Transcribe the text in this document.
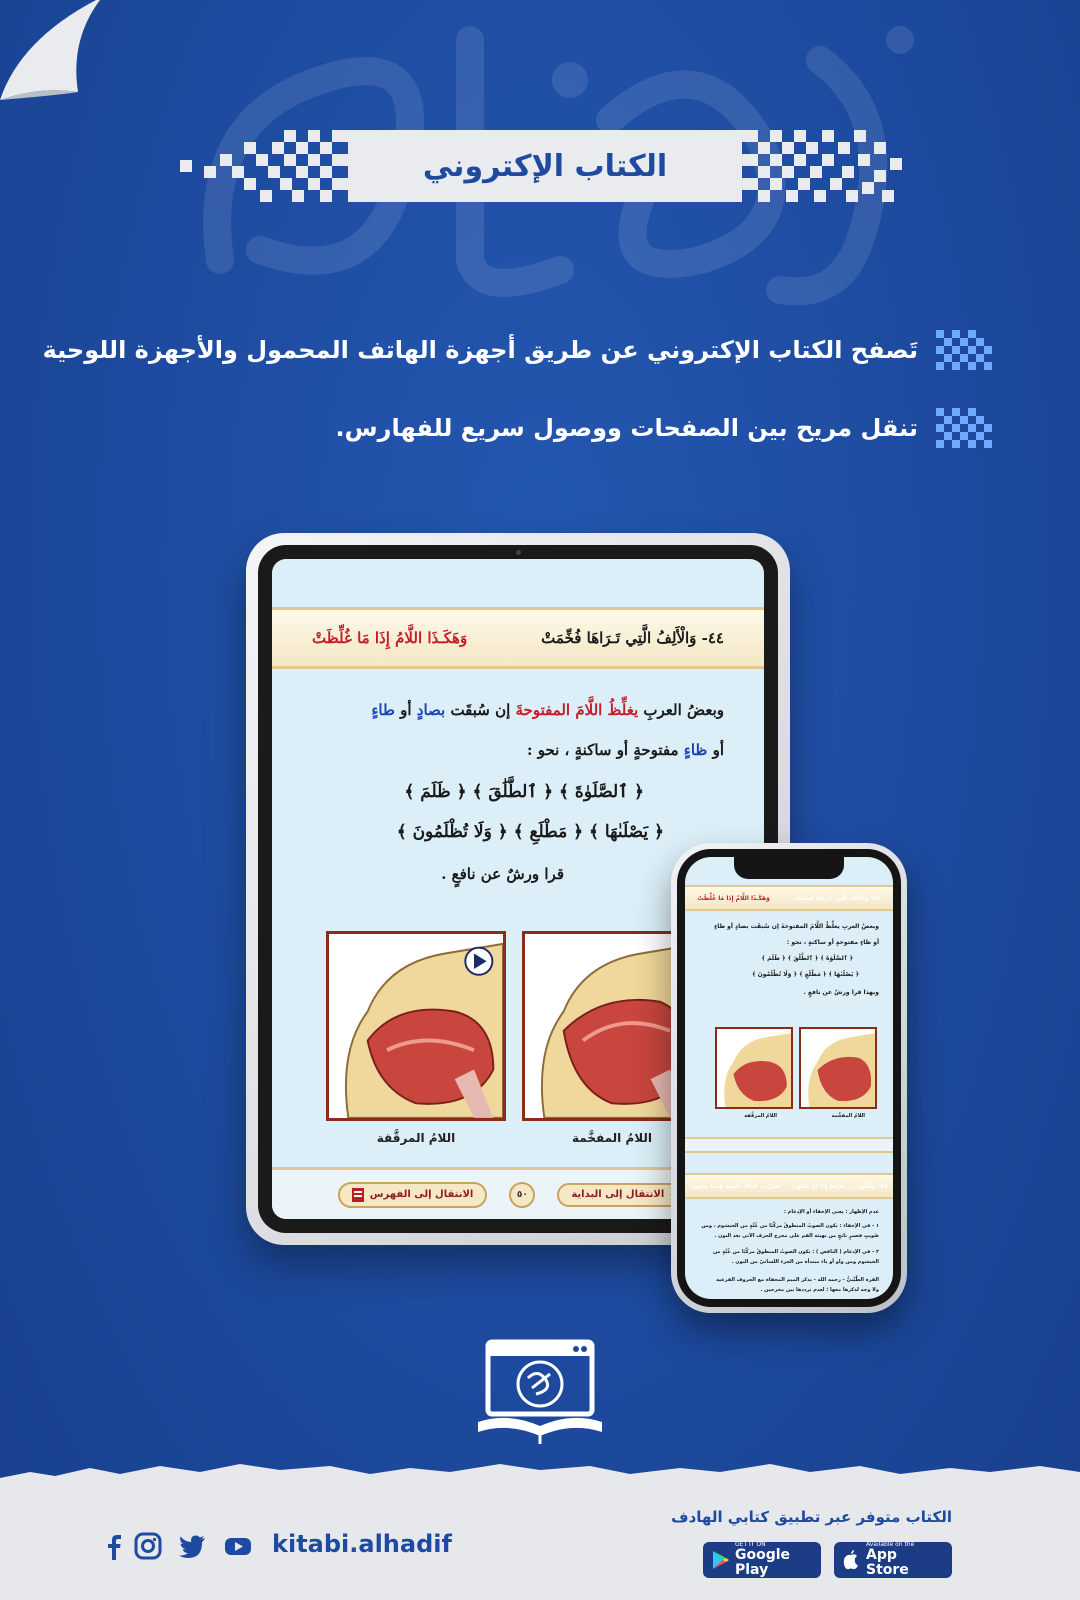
الكتاب الإكتروني
تَصفح الكتاب الإكتروني عن طريق أجهزة الهاتف المحمول والأجهزة اللوحية
تنقل مريح بين الصفحات ووصول سريع للفهارس.
٤٤- وَالْأَلِفُ الَّتِي تَـرَاهَا فُخِّمَتْ
وَهَكَـذَا اللَّامُ إِذَا مَا غُلِّظَتْ
وبعضُ العربِ يغلِّظُ اللَّامَ المفتوحةَ إن سُبقَت بصادٍ أو طاءٍ
أو ظاءٍ مفتوحةٍ أو ساكنةٍ ، نحو :
﴿ ٱلصَّلَوٰةَ ﴾ ﴿ ٱلطَّلَٰقَ ﴾ ﴿ ظَلَمَ ﴾
﴿ يَصْلَىٰهَا ﴾ ﴿ مَطْلَعِ ﴾ ﴿ وَلَا تُظْلَمُونَ ﴾
قرا ورشٌ عن نافعٍ .
اللامُ المرقَّقة	اللامُ المفخَّمة
الانتقال إلى البداية
٥٠
الانتقال إلى الفهرس
٤٤- وَالْأَلِفُ الَّتِي تَـرَاهَا فُخِّمَتْ
وَهَكَـذَا اللَّامُ إِذَا مَا غُلِّظَتْ
وبعضُ العربِ يغلِّظُ اللَّامَ المفتوحةَ إن سُبقَت بصادٍ أو طاءٍ
أو ظاءٍ مفتوحةٍ أو ساكنةٍ ، نحو :
﴿ ٱلصَّلَوٰةَ ﴾ ﴿ ٱلطَّلَٰقَ ﴾ ﴿ ظَلَمَ ﴾
﴿ يَصْلَىٰهَا ﴾ ﴿ مَطْلَعِ ﴾ ﴿ وَلَا تُظْلَمُونَ ﴾
وبهذا قرا ورشٌ عن نافعٍ .
اللامُ المفخَّمة
اللامُ المرقَّقة
٤٥- وَالنُّونَ ... صُرِّفَا إِذَا لَمْ يُظْهِرَا
فَتَنْ ... كَذَاكَ الْمِيمُ فِيمَا يَظْهَرَا
عدم الإظهار : يعني الإخفاء أو الإدغام :
١ - في الإخفاء : يكون الصوتُ المنطوقُ مركَّبًا من غُنَّةٍ من الخيشوم ، ومن
صُويتٍ قصيرٍ ناتجٍ من تهيئة الفم على مخرج الحرف الآتي بعد النون .
٢ - في الإدغام ( الناقص ) : يكون الصوتُ المنطوقُ مركَّبًا من غُنَّةٍ من
الخيشوم ومن واو أو ياء مبتدأة من الجزء اللسانيّ من النون .
القرة الطَّيِّبيُّ - رحمه الله - يذكر الميم المخفاة مع الحروف الفرعية
ولا وجه لذكرها معها ؛ لعدم ترددها بين مخرجين .
الكتاب متوفر عبر تطبيق كتابي الهادف
Available on the
App Store
GET IT ON
Google Play
kitabi.alhadif
